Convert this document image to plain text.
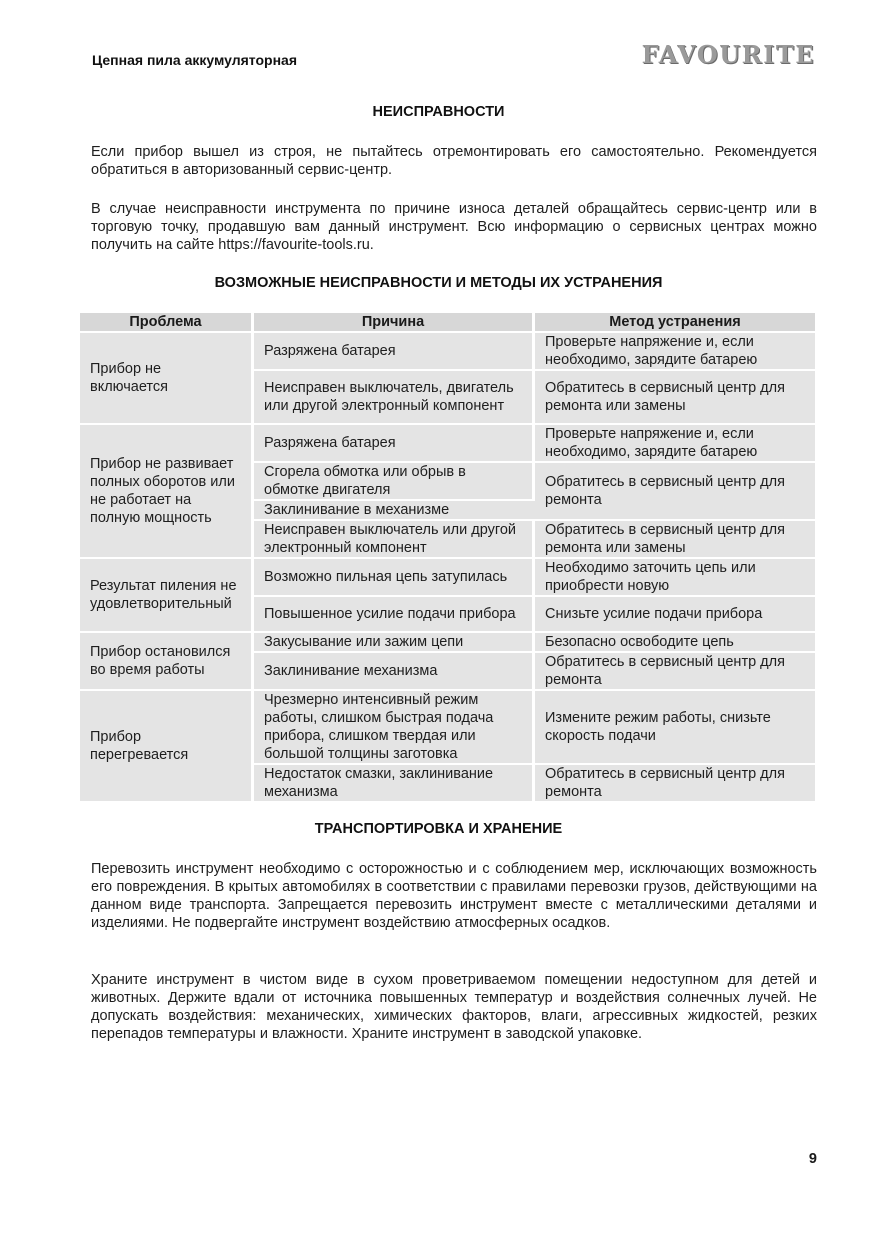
Цепная пила аккумуляторная	FAVOURITE
НЕИСПРАВНОСТИ
Если прибор вышел из строя, не пытайтесь отремонтировать его самостоятельно. Рекомендуется обратиться в авторизованный сервис-центр.
В случае неисправности инструмента по причине износа деталей обращайтесь сервис-центр или в торговую точку, продавшую вам данный инструмент. Всю информацию о сервисных центрах можно получить на сайте https://favourite-tools.ru.
ВОЗМОЖНЫЕ НЕИСПРАВНОСТИ И МЕТОДЫ ИХ УСТРАНЕНИЯ
Проблема	Причина	Метод устранения
Прибор не включается	Разряжена батарея	Проверьте напряжение и, если необходимо, зарядите батарею
	Неисправен выключатель, двигатель или другой электронный компонент	Обратитесь в сервисный центр для ремонта или замены
Прибор не развивает полных оборотов или не работает на полную мощность	Разряжена батарея	Проверьте напряжение и, если необходимо, зарядите батарею
	Сгорела обмотка или обрыв в обмотке двигателя	Обратитесь в сервисный центр для ремонта
	Заклинивание в механизме	
	Неисправен выключатель или другой электронный компонент	Обратитесь в сервисный центр для ремонта или замены
Результат пиления неудовлетворительный	Возможно пильная цепь затупилась	Необходимо заточить цепь или приобрести новую
	Повышенное усилие подачи прибора	Снизьте усилие подачи прибора
Прибор остановился во время работы	Закусывание или зажим цепи	Безопасно освободите цепь
	Заклинивание механизма	Обратитесь в сервисный центр для ремонта
Прибор перегревается	Чрезмерно интенсивный режим работы, слишком быстрая подача прибора, слишком твердая или большой толщины заготовка	Измените режим работы, снизьте скорость подачи
	Недостаток смазки, заклинивание механизма	Обратитесь в сервисный центр для ремонта
ТРАНСПОРТИРОВКА И ХРАНЕНИЕ
Перевозить инструмент необходимо с осторожностью и с соблюдением мер, исключающих возможность его повреждения. В крытых автомобилях в соответствии с правилами перевозки грузов, действующими на данном виде транспорта. Запрещается перевозить инструмент вместе с металлическими деталями и изделиями. Не подвергайте инструмент воздействию атмосферных осадков.
Храните инструмент в чистом виде в сухом проветриваемом помещении недоступном для детей и животных. Держите вдали от источника повышенных температур и воздействия солнечных лучей. Не допускать воздействия: механических, химических факторов, влаги, агрессивных жидкостей, резких перепадов температуры и влажности. Храните инструмент в заводской упаковке.
9
